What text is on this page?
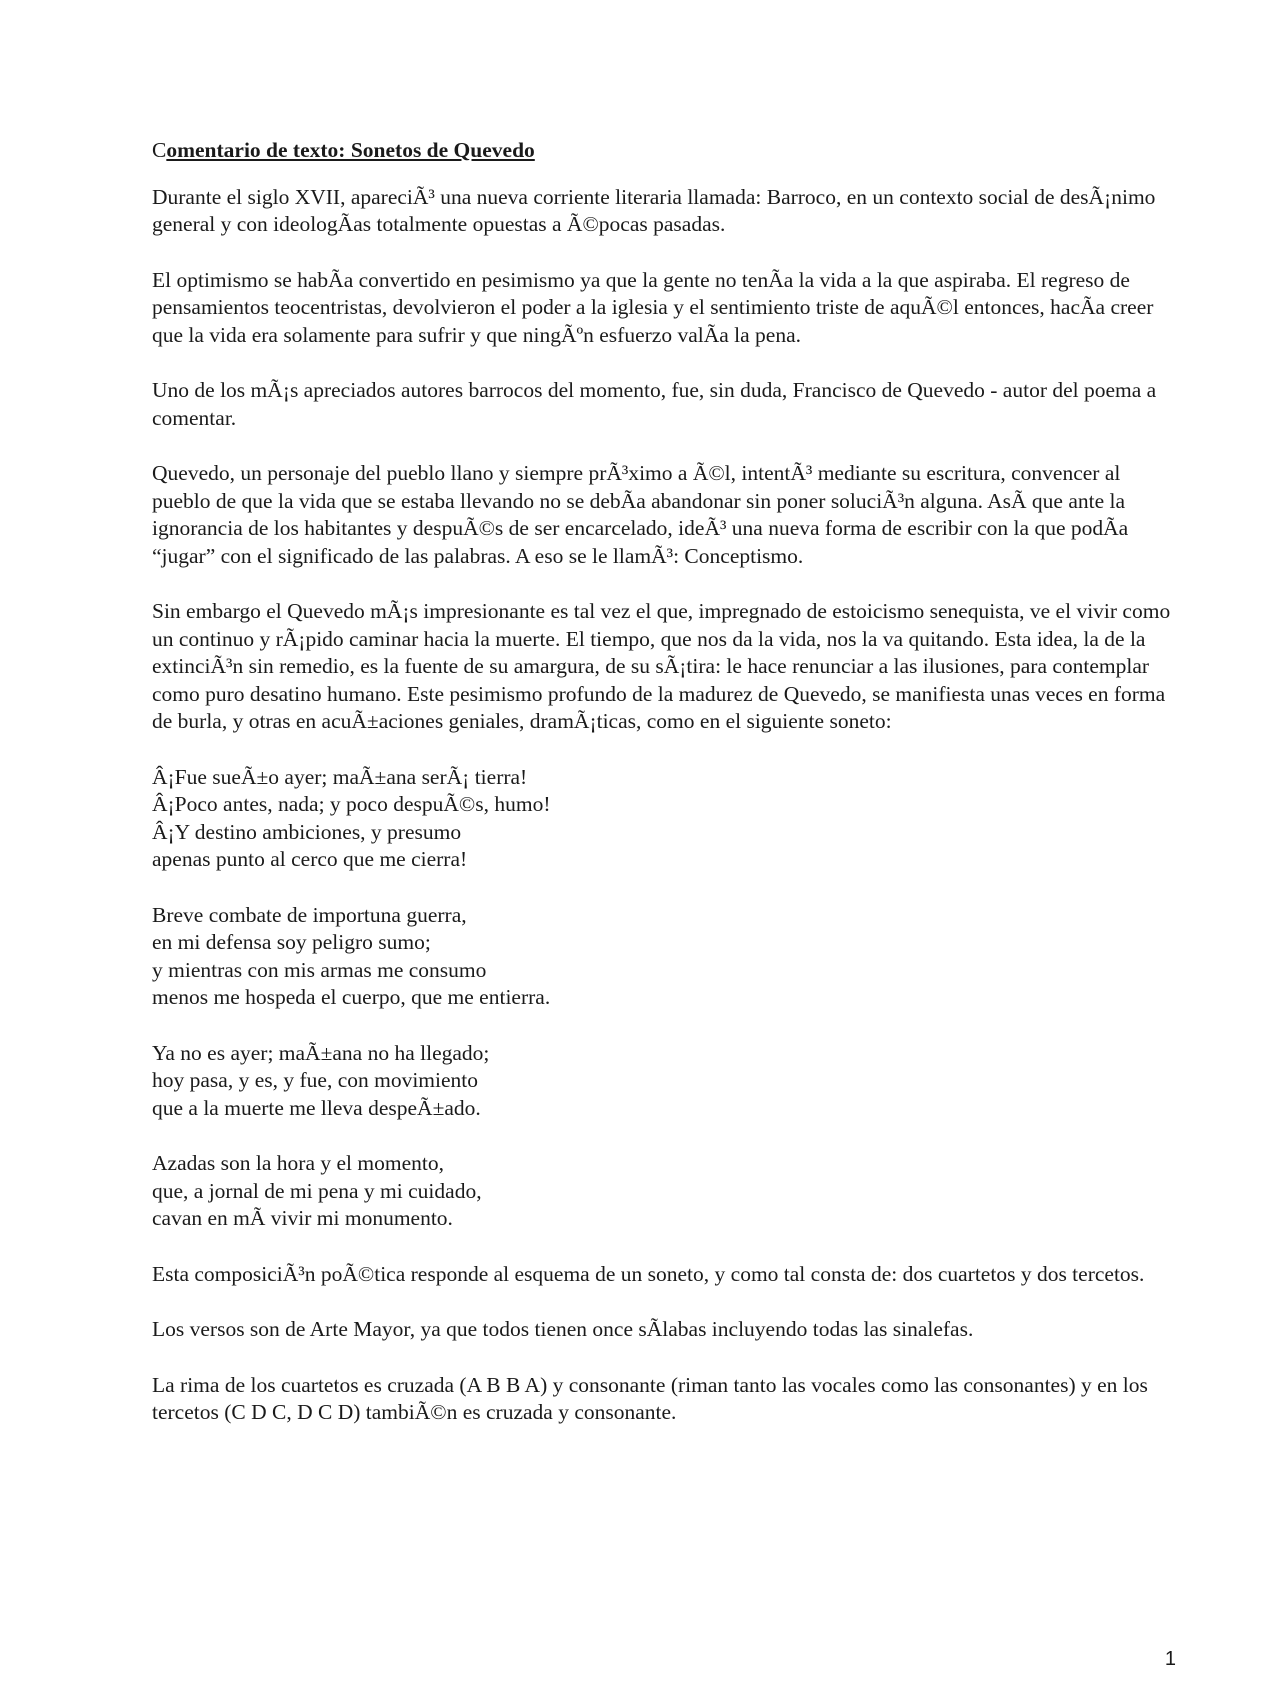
Comentario de texto: Sonetos de Quevedo

Durante el siglo XVII, apareciÃ³ una nueva corriente literaria llamada: Barroco, en un contexto social de desÃ¡nimo general y con ideologÃas totalmente opuestas a Ã©pocas pasadas.

El optimismo se habÃa convertido en pesimismo ya que la gente no tenÃa la vida a la que aspiraba. El regreso de pensamientos teocentristas, devolvieron el poder a la iglesia y el sentimiento triste de aquÃ©l entonces, hacÃa creer que la vida era solamente para sufrir y que ningÃºn esfuerzo valÃa la pena.

Uno de los mÃ¡s apreciados autores barrocos del momento, fue, sin duda, Francisco de Quevedo - autor del poema a comentar.

Quevedo, un personaje del pueblo llano y siempre prÃ³ximo a Ã©l, intentÃ³ mediante su escritura, convencer al pueblo de que la vida que se estaba llevando no se debÃa abandonar sin poner soluciÃ³n alguna. AsÃ que ante la ignorancia de los habitantes y despuÃ©s de ser encarcelado, ideÃ³ una nueva forma de escribir con la que podÃa “jugar” con el significado de las palabras. A eso se le llamÃ³: Conceptismo.

Sin embargo el Quevedo mÃ¡s impresionante es tal vez el que, impregnado de estoicismo senequista, ve el vivir como un continuo y rÃ¡pido caminar hacia la muerte. El tiempo, que nos da la vida, nos la va quitando. Esta idea, la de la extinciÃ³n sin remedio, es la fuente de su amargura, de su sÃ¡tira: le hace renunciar a las ilusiones, para contemplar como puro desatino humano. Este pesimismo profundo de la madurez de Quevedo, se manifiesta unas veces en forma de burla, y otras en acuÃ±aciones geniales, dramÃ¡ticas, como en el siguiente soneto:

Â¡Fue sueÃ±o ayer; maÃ±ana serÃ¡ tierra!
Â¡Poco antes, nada; y poco despuÃ©s, humo!
Â¡Y destino ambiciones, y presumo
apenas punto al cerco que me cierra!
Breve combate de importuna guerra,
en mi defensa soy peligro sumo;
y mientras con mis armas me consumo
menos me hospeda el cuerpo, que me entierra.
Ya no es ayer; maÃ±ana no ha llegado;
hoy pasa, y es, y fue, con movimiento
que a la muerte me lleva despeÃ±ado.
Azadas son la hora y el momento,
que, a jornal de mi pena y mi cuidado,
cavan en mÃ vivir mi monumento.

Esta composiciÃ³n poÃ©tica responde al esquema de un soneto, y como tal consta de: dos cuartetos y dos tercetos.

Los versos son de Arte Mayor, ya que todos tienen once sÃlabas incluyendo todas las sinalefas.

La rima de los cuartetos es cruzada (A B B A) y consonante (riman tanto las vocales como las consonantes) y en los tercetos (C D C, D C D) tambiÃ©n es cruzada y consonante.

1
